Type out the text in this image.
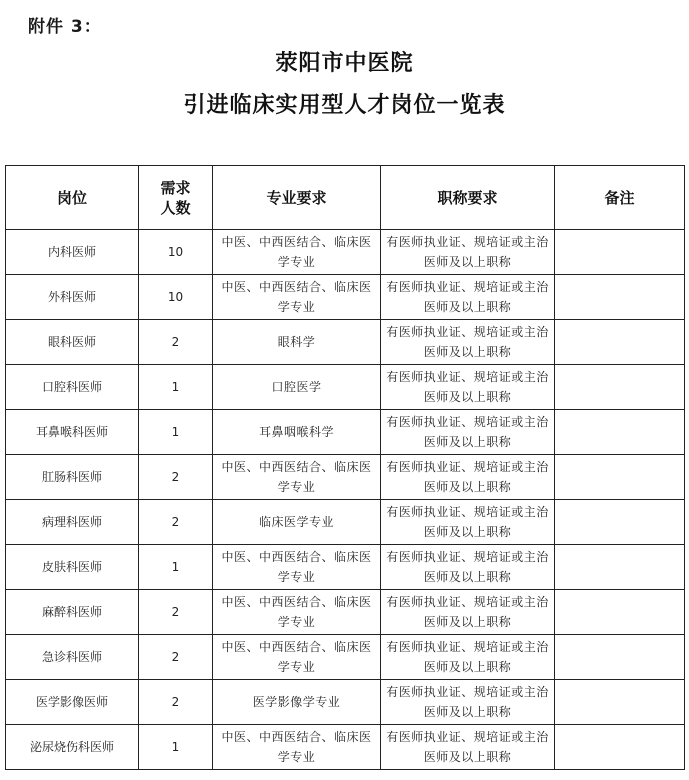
附件 3：
荥阳市中医院
引进临床实用型人才岗位一览表
岗位	需求人数	专业要求	职称要求	备注
内科医师	10	中医、中西医结合、临床医学专业	有医师执业证、规培证或主治医师及以上职称	
外科医师	10	中医、中西医结合、临床医学专业	有医师执业证、规培证或主治医师及以上职称	
眼科医师	2	眼科学	有医师执业证、规培证或主治医师及以上职称	
口腔科医师	1	口腔医学	有医师执业证、规培证或主治医师及以上职称	
耳鼻喉科医师	1	耳鼻咽喉科学	有医师执业证、规培证或主治医师及以上职称	
肛肠科医师	2	中医、中西医结合、临床医学专业	有医师执业证、规培证或主治医师及以上职称	
病理科医师	2	临床医学专业	有医师执业证、规培证或主治医师及以上职称	
皮肤科医师	1	中医、中西医结合、临床医学专业	有医师执业证、规培证或主治医师及以上职称	
麻醉科医师	2	中医、中西医结合、临床医学专业	有医师执业证、规培证或主治医师及以上职称	
急诊科医师	2	中医、中西医结合、临床医学专业	有医师执业证、规培证或主治医师及以上职称	
医学影像医师	2	医学影像学专业	有医师执业证、规培证或主治医师及以上职称	
泌尿烧伤科医师	1	中医、中西医结合、临床医学专业	有医师执业证、规培证或主治医师及以上职称	
